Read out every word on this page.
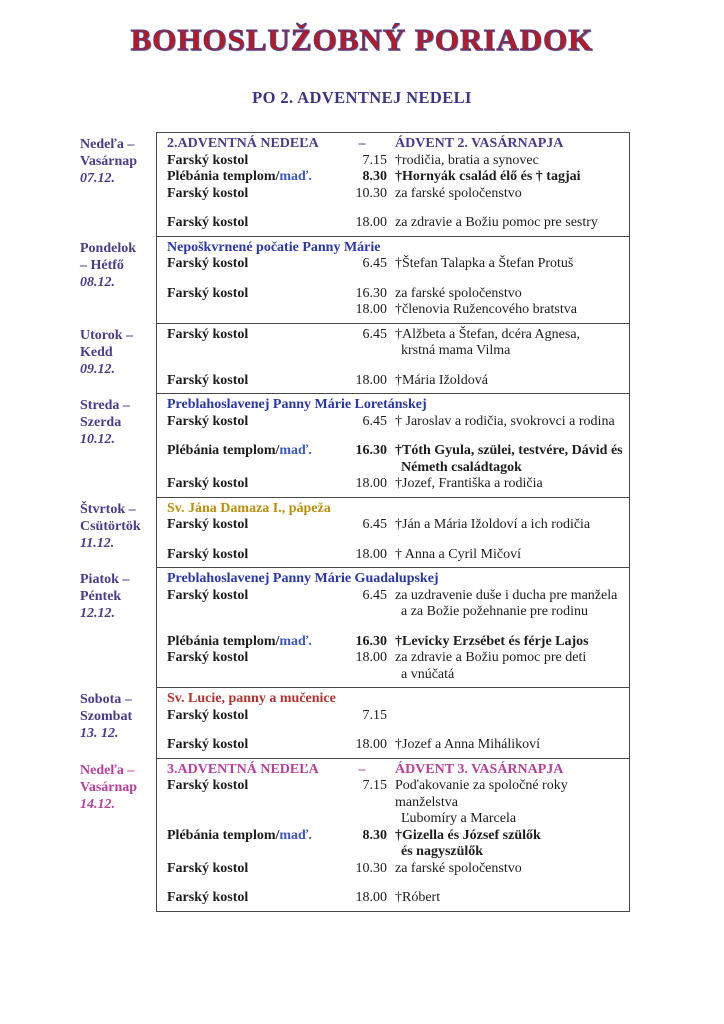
BOHOSLUŽOBNÝ PORIADOK
PO 2. ADVENTNEJ NEDELI
Nedeľa –
Vasárnap
07.12.
2.ADVENTNÁ NEDEĽA	–	ÁDVENT 2. VASÁRNAPJA
Farský kostol	7.15 †rodičia, bratia a synovec
Plébánia templom/maď.	8.30 †Hornyák család élő és † tagjai
Farský kostol	10.30 za farské spoločenstvo
Farský kostol	18.00 za zdravie a Božiu pomoc pre sestry
Pondelok
– Hétfő
08.12.
Nepoškvrnené počatie Panny Márie
Farský kostol	6.45 †Štefan Talapka a Štefan Protuš
Farský kostol	16.30 za farské spoločenstvo
18.00 †členovia Ružencového bratstva
Utorok –
Kedd
09.12.
Farský kostol	6.45 †Alžbeta a Štefan, dcéra Agnesa,
krstná mama Vilma
Farský kostol	18.00 †Mária Ižoldová
Streda –
Szerda
10.12.
Preblahoslavenej Panny Márie Loretánskej
Farský kostol	6.45 † Jaroslav a rodičia, svokrovci a rodina
Plébánia templom/maď.	16.30 †Tóth Gyula, szülei, testvére, Dávid és
Németh családtagok
Farský kostol	18.00 †Jozef, Františka a rodičia
Štvrtok –
Csütörtök
11.12.
Sv. Jána Damaza I., pápeža
Farský kostol	6.45 †Ján a Mária Ižoldoví a ich rodičia
Farský kostol	18.00 † Anna a Cyril Mičoví
Piatok –
Péntek
12.12.
Preblahoslavenej Panny Márie Guadalupskej
Farský kostol	6.45 za uzdravenie duše i ducha pre manžela
a za Božie požehnanie pre rodinu
Plébánia templom/maď.	16.30 †Levicky Erzsébet és férje Lajos
Farský kostol	18.00 za zdravie a Božiu pomoc pre deti
a vnúčatá
Sobota –
Szombat
13. 12.
Sv. Lucie, panny a mučenice
Farský kostol	7.15
Farský kostol	18.00 †Jozef a Anna Mihálikoví
Nedeľa –
Vasárnap
14.12.
3.ADVENTNÁ NEDEĽA	–	ÁDVENT 3. VASÁRNAPJA
Farský kostol	7.15 Poďakovanie za spoločné roky manželstva
Ľubomíry a Marcela
Plébánia templom/maď.	8.30 †Gizella és József szülők
és nagyszülők
Farský kostol	10.30 za farské spoločenstvo
Farský kostol	18.00 †Róbert
